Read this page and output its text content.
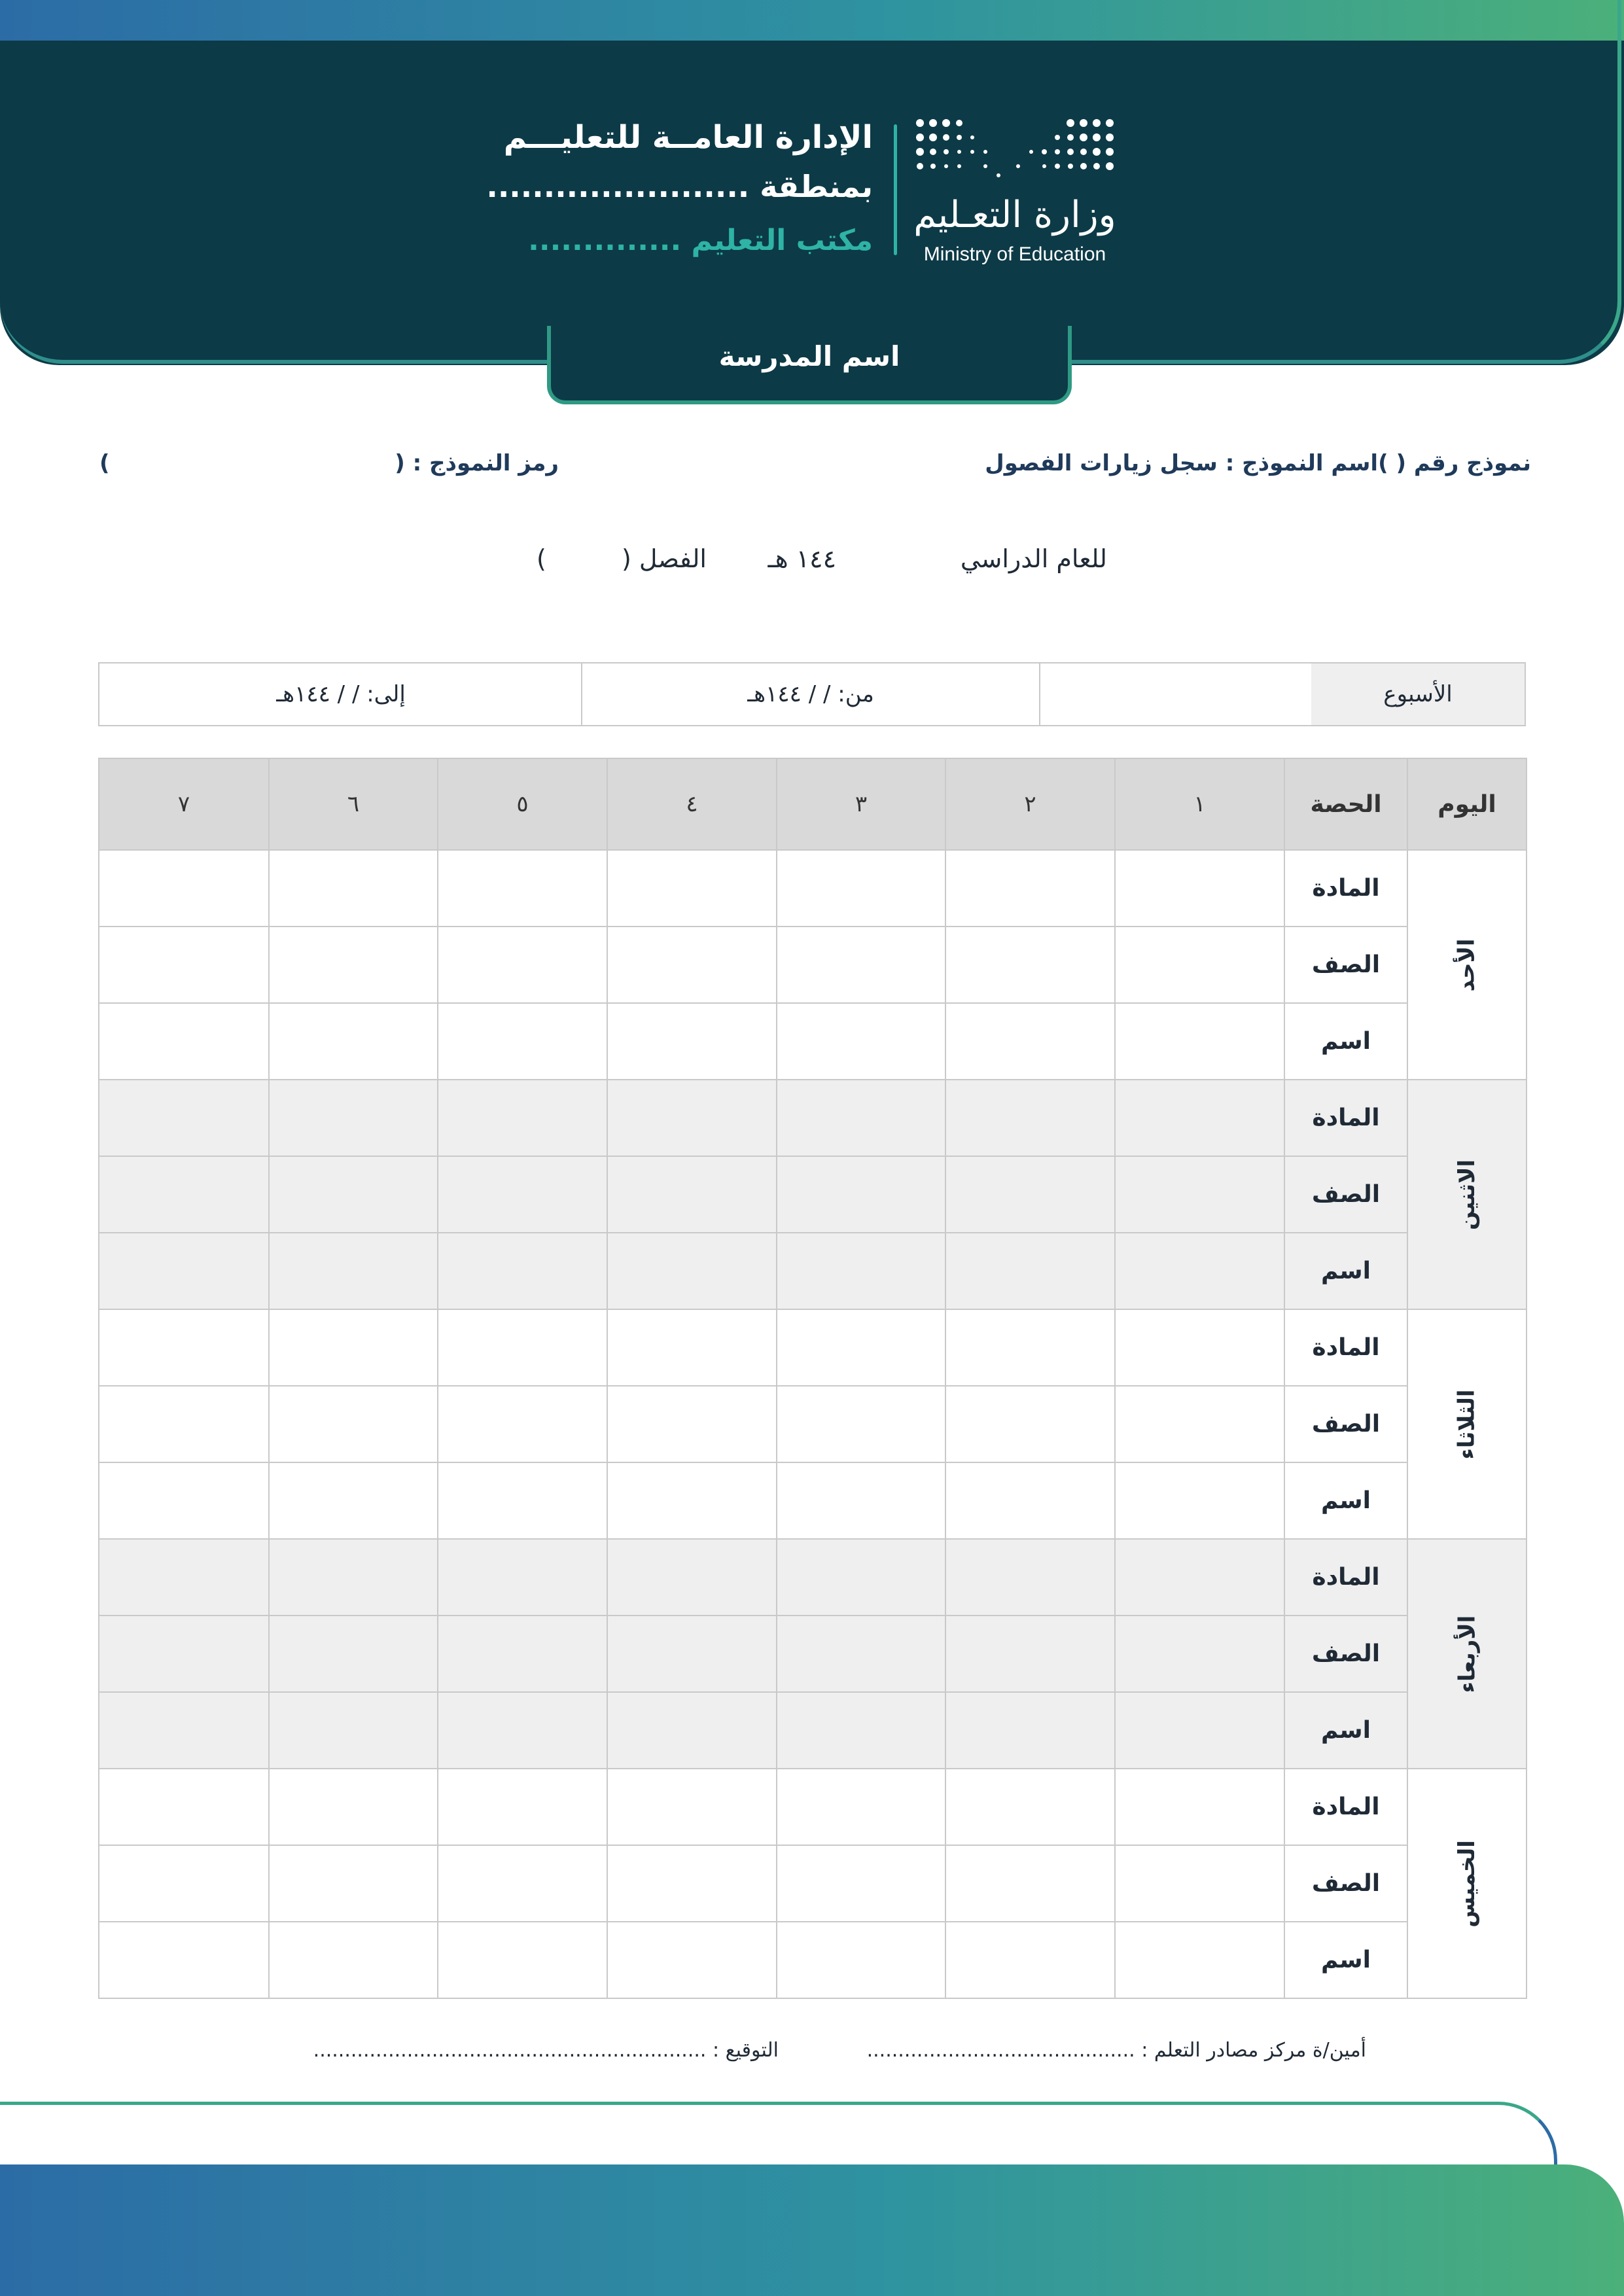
وزارة التعـليم
Ministry of Education
الإدارة العامــة للتعليـــم
بمنطقة .......................
مكتب التعليم ..............
اسم المدرسة
نموذج رقم ( )اسم النموذج : سجل زيارات الفصول
رمز النموذج : (
)
للعام الدراسي
١٤٤ هـ
الفصل (
)
الأسبوع
من: / / ١٤٤هـ
إلى: / / ١٤٤هـ
٧	٦	٥	٤	٣	٢	١	الحصة	اليوم
							المادة	الأحد
							الصف	
							اسم	
							المادة	الاثنين
							الصف	
							اسم	
							المادة	الثلاثاء
							الصف	
							اسم	
							المادة	الأربعاء
							الصف	
							اسم	
							المادة	الخميس
							الصف	
							اسم	
أمين/ة مركز مصادر التعلم : ...........................................
التوقيع : ...............................................................
